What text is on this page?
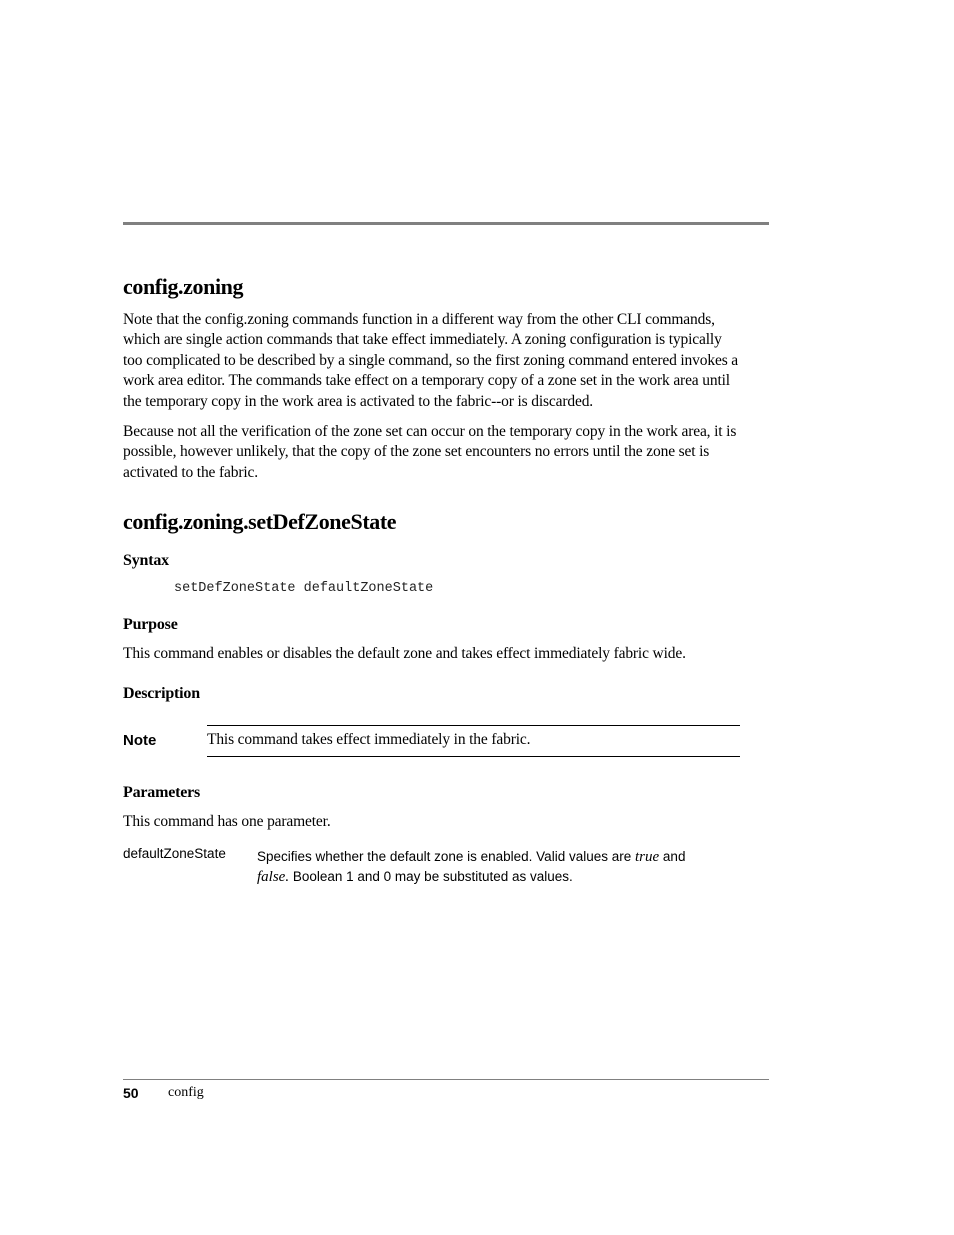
config.zoning

Note that the config.zoning commands function in a different way from the other CLI commands, which are single action commands that take effect immediately. A zoning configuration is typically too complicated to be described by a single command, so the first zoning command entered invokes a work area editor. The commands take effect on a temporary copy of a zone set in the work area until the temporary copy in the work area is activated to the fabric--or is discarded.

Because not all the verification of the zone set can occur on the temporary copy in the work area, it is possible, however unlikely, that the copy of the zone set encounters no errors until the zone set is activated to the fabric.

config.zoning.setDefZoneState
Syntax
setDefZoneState defaultZoneState
Purpose

This command enables or disables the default zone and takes effect immediately fabric wide.

Description
Note	This command takes effect immediately in the fabric.
Parameters

This command has one parameter.

defaultZoneState Specifies whether the default zone is enabled. Valid values are true and
false. Boolean 1 and 0 may be substituted as values.
50 config
